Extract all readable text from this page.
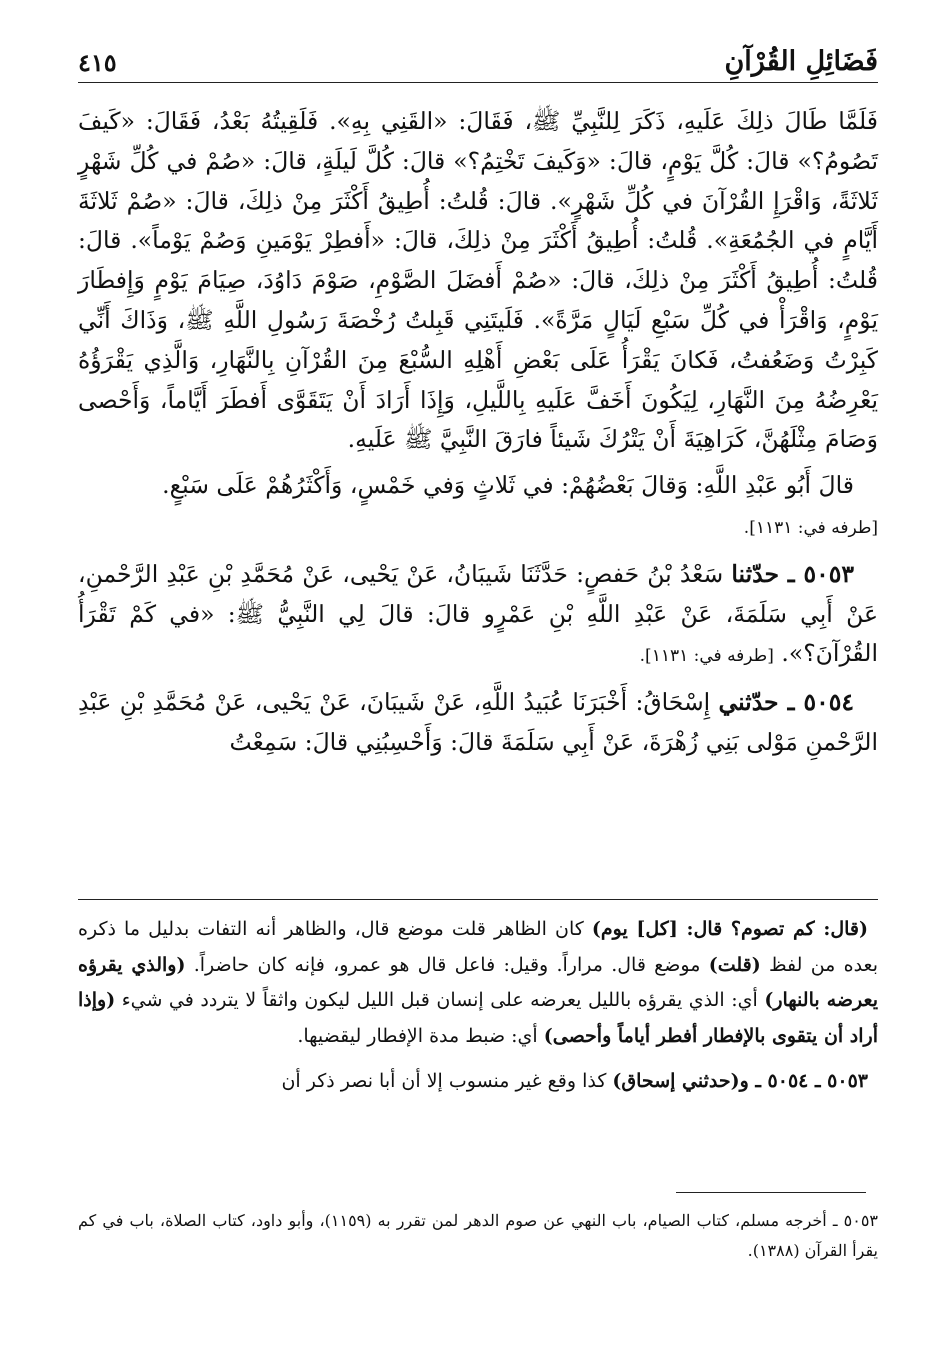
فَضَائِلِ القُرْآنِ
٤١٥

فَلَمَّا طَالَ ذلِكَ عَلَيهِ، ذَكَرَ لِلنَّبِيِّ ﷺ، فَقَالَ: «القَنِي بِهِ». فَلَقِيتُهُ بَعْدُ، فَقَالَ: «كَيفَ تَصُومُ؟» قالَ: كُلَّ يَوْمٍ، قالَ: «وَكَيفَ تَخْتِمُ؟» قالَ: كُلَّ لَيلَةٍ، قالَ: «صُمْ في كُلِّ شَهْرٍ ثَلاثَةً، وَاقْرَإِ القُرْآنَ في كُلِّ شَهْرٍ». قالَ: قُلتُ: أُطِيقُ أَكْثَرَ مِنْ ذلِكَ، قالَ: «صُمْ ثَلاثَةَ أَيَّامٍ في الجُمُعَةِ». قُلتُ: أُطِيقُ أَكْثَرَ مِنْ ذلِكَ، قالَ: «أَفطِرْ يَوْمَينِ وَصُمْ يَوْماً». قالَ: قُلتُ: أُطِيقُ أَكْثَرَ مِنْ ذلِكَ، قالَ: «صُمْ أَفضَلَ الصَّوْمِ، صَوْمَ دَاوُدَ، صِيَامَ يَوْمٍ وَإِفطَارَ يَوْمٍ، وَاقْرَأْ في كُلِّ سَبْعِ لَيَالٍ مَرَّةً». فَلَيتَنِي قَبِلتُ رُخْصَةَ رَسُولِ اللَّهِ ﷺ، وَذَاكَ أَنِّي كَبِرْتُ وَضَعُفتُ، فَكانَ يَقْرَأُ عَلَى بَعْضِ أَهْلِهِ السُّبْعَ مِنَ القُرْآنِ بِالنَّهَارِ، وَالَّذِي يَقْرَؤُهُ يَعْرِضُهُ مِنَ النَّهَارِ، لِيَكُونَ أَخَفَّ عَلَيهِ بِاللَّيلِ، وَإِذَا أَرَادَ أَنْ يَتَقَوَّى أَفطَرَ أَيَّاماً، وَأَحْصى وَصَامَ مِثْلَهُنَّ، كَرَاهِيَةَ أَنْ يَتْرُكَ شَيئاً فارَقَ النَّبِيَّ ﷺ عَلَيهِ.

قالَ أَبُو عَبْدِ اللَّهِ: وَقالَ بَعْضُهُمْ: في ثَلاثٍ وَفي خَمْسٍ، وَأَكْثَرُهُمْ عَلَى سَبْعٍ.
[طرفه في: ١١٣١].

٥٠٥٣ ـ حدّثنا سَعْدُ بْنُ حَفصٍ: حَدَّثَنَا شَيبَانُ، عَنْ يَحْيى، عَنْ مُحَمَّدِ بْنِ عَبْدِ الرَّحْمنِ، عَنْ أَبِي سَلَمَةَ، عَنْ عَبْدِ اللَّهِ بْنِ عَمْرٍو قالَ: قالَ لِي النَّبِيُّ ﷺ: «في كَمْ تَقْرَأُ القُرْآنَ؟». [طرفه في: ١١٣١].

٥٠٥٤ ـ حدّثني إِسْحَاقُ: أَخْبَرَنَا عُبَيدُ اللَّهِ، عَنْ شَيبَانَ، عَنْ يَحْيى، عَنْ مُحَمَّدِ بْنِ عَبْدِ الرَّحْمنِ مَوْلى بَنِي زُهْرَةَ، عَنْ أَبِي سَلَمَةَ قالَ: وَأَحْسِبُنِي قالَ: سَمِعْتُ

(قال: كم تصوم؟ قال: [كل] يوم) كان الظاهر قلت موضع قال، والظاهر أنه التفات بدليل ما ذكره بعده من لفظ (قلت) موضع قال. مراراً. وقيل: فاعل قال هو عمرو، فإنه كان حاضراً. (والذي يقرؤه يعرضه بالنهار) أي: الذي يقرؤه بالليل يعرضه على إنسان قبل الليل ليكون واثقاً لا يتردد في شيء (وإذا أراد أن يتقوى بالإفطار أفطر أياماً وأحصى) أي: ضبط مدة الإفطار ليقضيها.

٥٠٥٣ ـ ٥٠٥٤ ـ و(حدثني إسحاق) كذا وقع غير منسوب إلا أن أبا نصر ذكر أن

٥٠٥٣ ـ أخرجه مسلم، كتاب الصيام، باب النهي عن صوم الدهر لمن تقرر به (١١٥٩)، وأبو داود، كتاب الصلاة، باب في كم يقرأ القرآن (١٣٨٨).
